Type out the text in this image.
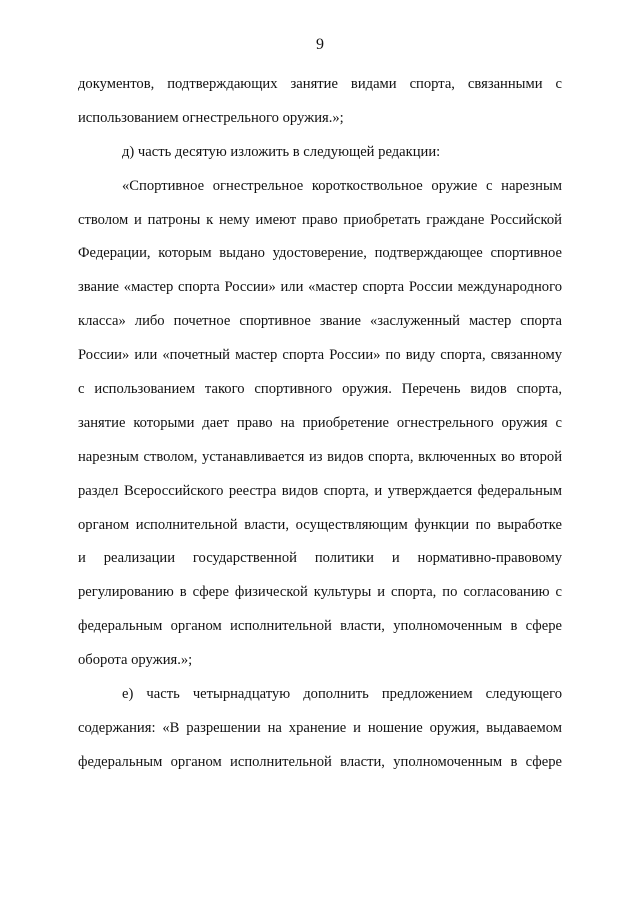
9

документов, подтверждающих занятие видами спорта, связанными с
использованием огнестрельного оружия.»;

д) часть десятую изложить в следующей редакции:

«Спортивное огнестрельное короткоствольное оружие с нарезным
стволом и патроны к нему имеют право приобретать граждане Российской
Федерации, которым выдано удостоверение, подтверждающее спортивное
звание «мастер спорта России» или «мастер спорта России международного
класса» либо почетное спортивное звание «заслуженный мастер спорта
России» или «почетный мастер спорта России» по виду спорта, связанному
с использованием такого спортивного оружия. Перечень видов спорта,
занятие которыми дает право на приобретение огнестрельного оружия с
нарезным стволом, устанавливается из видов спорта, включенных во второй
раздел Всероссийского реестра видов спорта, и утверждается федеральным
органом исполнительной власти, осуществляющим функции по выработке
и реализации государственной политики и нормативно-правовому
регулированию в сфере физической культуры и спорта, по согласованию с
федеральным органом исполнительной власти, уполномоченным в сфере
оборота оружия.»;

е) часть четырнадцатую дополнить предложением следующего
содержания: «В разрешении на хранение и ношение оружия, выдаваемом
федеральным органом исполнительной власти, уполномоченным в сфере
